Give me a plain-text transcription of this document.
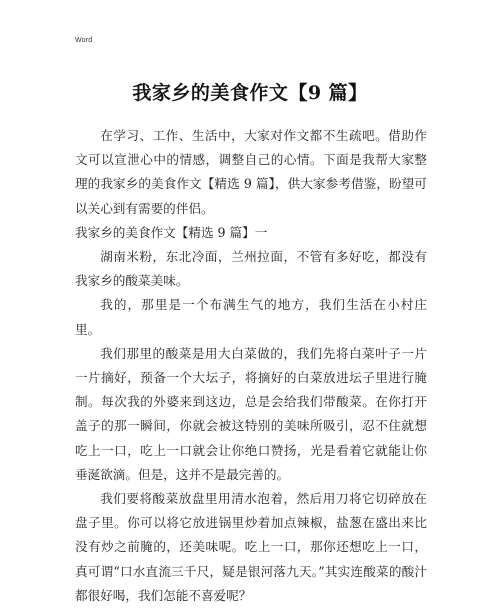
Word
我家乡的美食作文【9 篇】

在学习、工作、生活中，大家对作文都不生疏吧。借助作文可以宣泄心中的情感，调整自己的心情。下面是我帮大家整理的我家乡的美食作文【精选 9 篇】，供大家参考借鉴，盼望可以关心到有需要的伴侣。

我家乡的美食作文【精选 9 篇】一

湖南米粉，东北冷面，兰州拉面，不管有多好吃，都没有我家乡的酸菜美味。

我的，那里是一个布满生气的地方，我们生活在小村庄里。

我们那里的酸菜是用大白菜做的，我们先将白菜叶子一片一片摘好，预备一个大坛子，将摘好的白菜放进坛子里进行腌制。每次我的外婆来到这边，总是会给我们带酸菜。在你打开盖子的那一瞬间，你就会被这特别的美味所吸引，忍不住就想吃上一口，吃上一口就会让你绝口赞扬，光是看着它就能让你垂涎欲滴。但是，这并不是最完善的。

我们要将酸菜放盘里用清水泡着，然后用刀将它切碎放在盘子里。你可以将它放进锅里炒着加点辣椒，盐葱在盛出来比没有炒之前腌的，还美味呢。吃上一口，那你还想吃上一口，真可谓“口水直流三千尺，疑是银河落九天。”其实连酸菜的酸汁都很好喝，我们怎能不喜爱呢？
